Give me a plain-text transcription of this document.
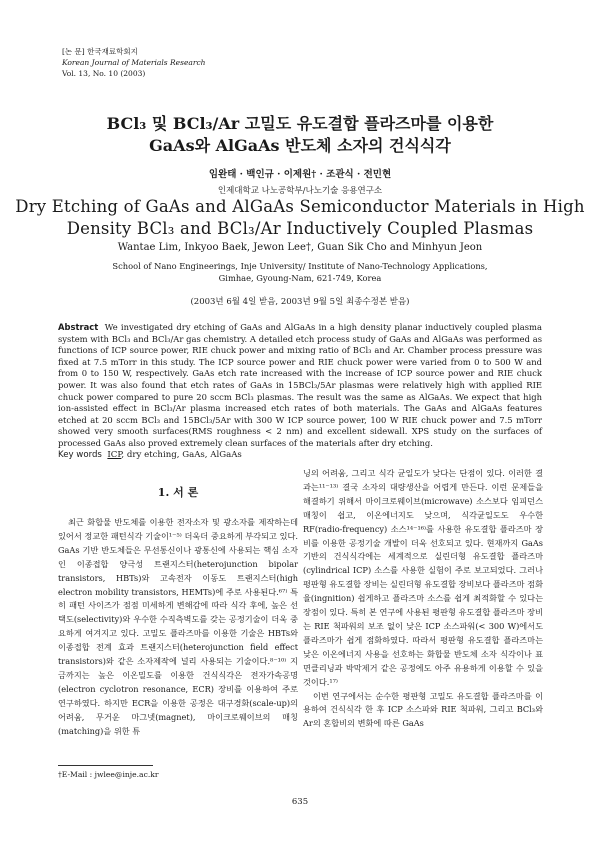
[논 문] 한국재료학회지
Korean Journal of Materials Research
Vol. 13, No. 10 (2003)
BCl₃ 및 BCl₃/Ar 고밀도 유도결합 플라즈마를 이용한
GaAs와 AlGaAs 반도체 소자의 건식식각
임완태 · 백인규 · 이제원† · 조관식 · 전민현
인제대학교 나노공학부/나노기술 응용연구소
Dry Etching of GaAs and AlGaAs Semiconductor Materials in High
Density BCl₃ and BCl₃/Ar Inductively Coupled Plasmas
Wantae Lim, Inkyoo Baek, Jewon Lee†, Guan Sik Cho and Minhyun Jeon
School of Nano Engineerings, Inje University/ Institute of Nano-Technology Applications,
Gimhae, Gyoung-Nam, 621-749, Korea
(2003년 6월 4일 받음, 2003년 9월 5일 최종수정본 받음)
Abstract We investigated dry etching of GaAs and AlGaAs in a high density planar inductively coupled plasma system with BCl₃ and BCl₃/Ar gas chemistry. A detailed etch process study of GaAs and AlGaAs was performed as functions of ICP source power, RIE chuck power and mixing ratio of BCl₃ and Ar. Chamber process pressure was fixed at 7.5 mTorr in this study. The ICP source power and RIE chuck power were varied from 0 to 500 W and from 0 to 150 W, respectively. GaAs etch rate increased with the increase of ICP source power and RIE chuck power. It was also found that etch rates of GaAs in 15BCl₃/5Ar plasmas were relatively high with applied RIE chuck power compared to pure 20 sccm BCl₃ plasmas. The result was the same as AlGaAs. We expect that high ion-assisted effect in BCl₃/Ar plasma increased etch rates of both materials. The GaAs and AlGaAs features etched at 20 sccm BCl₃ and 15BCl₃/5Ar with 300 W ICP source power, 100 W RIE chuck power and 7.5 mTorr showed very smooth surfaces(RMS roughness < 2 nm) and excellent sidewall. XPS study on the surfaces of processed GaAs also proved extremely clean surfaces of the materials after dry etching.
Key words ICP, dry etching, GaAs, AlGaAs
1. 서 론

최근 화합물 반도체를 이용한 전자소자 및 광소자를 제작하는데 있어서 정교한 패턴식각 기술이¹⁻⁵⁾ 더욱더 중요하게 부각되고 있다. GaAs 기반 반도체들은 무선통신이나 광통신에 사용되는 핵심 소자인 이종접합 양극성 트랜지스터(heterojunction bipolar transistors, HBTs)와 고속전자 이동도 트랜지스터(high electron mobility transistors, HEMTs)에 주로 사용된다.⁶⁷⁾ 특히 패턴 사이즈가 점점 미세하게 변해감에 따라 식각 후에, 높은 선택도(selectivity)와 우수한 수직측벽도를 갖는 공정기술이 더욱 중요하게 여겨지고 있다. 고밀도 플라즈마를 이용한 기술은 HBTs와 이종접합 전계 효과 트랜지스터(heterojunction field effect transistors)와 같은 소자제작에 널리 사용되는 기술이다.⁸⁻¹⁰⁾ 지금까지는 높은 이온밀도를 이용한 건식식각은 전자가속공명(electron cyclotron resonance, ECR) 장비를 이용하여 주로 연구하였다. 하지만 ECR을 이용한 공정은 대구경화(scale-up)의 어려움, 무거운 마그넷(magnet), 마이크로웨이브의 매칭(matching)을 위한 튜

닝의 어려움, 그리고 식각 균일도가 낮다는 단점이 있다. 이러한 결과는¹¹⁻¹³⁾ 결국 소자의 대량생산을 어렵게 만든다. 이런 문제들을 해결하기 위해서 마이크로웨이브(microwave) 소스보다 임피던스 매칭이 쉽고, 이온에너지도 낮으며, 식각균일도도 우수한 RF(radio-frequency) 소스¹⁴⁻¹⁶⁾를 사용한 유도결합 플라즈마 장비를 이용한 공정기술 개발이 더욱 선호되고 있다. 현재까지 GaAs 기반의 건식식각에는 세계적으로 실린더형 유도결합 플라즈마(cylindrical ICP) 소스를 사용한 실험이 주로 보고되었다. 그러나 평판형 유도결합 장비는 실린더형 유도결합 장비보다 플라즈마 점화율(ingnition) 쉽게하고 플라즈마 소스를 쉽게 최적화할 수 있다는 장점이 있다. 특히 본 연구에 사용된 평판형 유도결합 플라즈마 장비는 RIE 척파워의 보조 없이 낮은 ICP 소스파워(< 300 W)에서도 플라즈마가 쉽게 점화하였다. 따라서 평판형 유도결합 플라즈마는 낮은 이온에너지 사용을 선호하는 화합물 반도체 소자 식각이나 표면클리닝과 박막제거 같은 공정에도 아주 유용하게 이용할 수 있을 것이다.¹⁷⁾

이번 연구에서는 순수한 평판형 고밀도 유도결합 플라즈마를 이용하여 건식식각 한 후 ICP 소스파와 RIE 척파워, 그리고 BCl₃와 Ar의 혼합비의 변화에 따른 GaAs

†E-Mail : jwlee@inje.ac.kr
635
